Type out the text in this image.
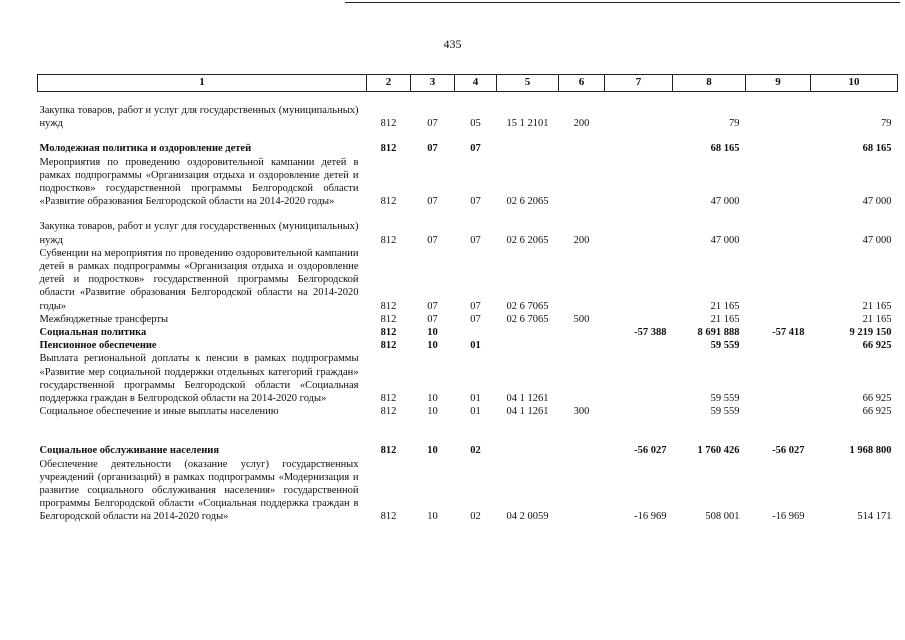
435
1	2	3	4	5	6	7	8	9	10

Закупка товаров, работ и услуг для государственных (муниципальных) нужд	812	07	05	15 1 2101	200		79		79

Молодежная политика и оздоровление детей	812	07	07				68 165		68 165
Мероприятия по проведению оздоровительной кампании детей в рамках подпрограммы «Организация отдыха и оздоровление детей и подростков» государственной программы Белгородской области «Развитие образования Белгородской области на 2014-2020 годы»	812	07	07	02 6 2065			47 000		47 000

Закупка товаров, работ и услуг для государственных (муниципальных) нужд	812	07	07	02 6 2065	200		47 000		47 000
Субвенции на мероприятия по проведению оздоровительной кампании детей в рамках подпрограммы «Организация отдыха и оздоровление детей и подростков» государственной программы Белгородской области «Развитие образования Белгородской области на 2014-2020 годы»	812	07	07	02 6 7065			21 165		21 165
Межбюджетные трансферты	812	07	07	02 6 7065	500		21 165		21 165
Социальная политика	812	10				-57 388	8 691 888	-57 418	9 219 150
Пенсионное обеспечение	812	10	01				59 559		66 925
Выплата региональной доплаты к пенсии в рамках подпрограммы «Развитие мер социальной поддержки отдельных категорий граждан» государственной программы Белгородской области «Социальная поддержка граждан в Белгородской области на 2014-2020 годы»	812	10	01	04 1 1261			59 559		66 925
Социальное обеспечение и иные выплаты населению	812	10	01	04 1 1261	300		59 559		66 925

Социальное обслуживание населения	812	10	02			-56 027	1 760 426	-56 027	1 968 800
Обеспечение деятельности (оказание услуг) государственных учреждений (организаций) в рамках подпрограммы «Модернизация и развитие социального обслуживания населения» государственной программы Белгородской области «Социальная поддержка граждан в Белгородской области на 2014-2020 годы»	812	10	02	04 2 0059		-16 969	508 001	-16 969	514 171
